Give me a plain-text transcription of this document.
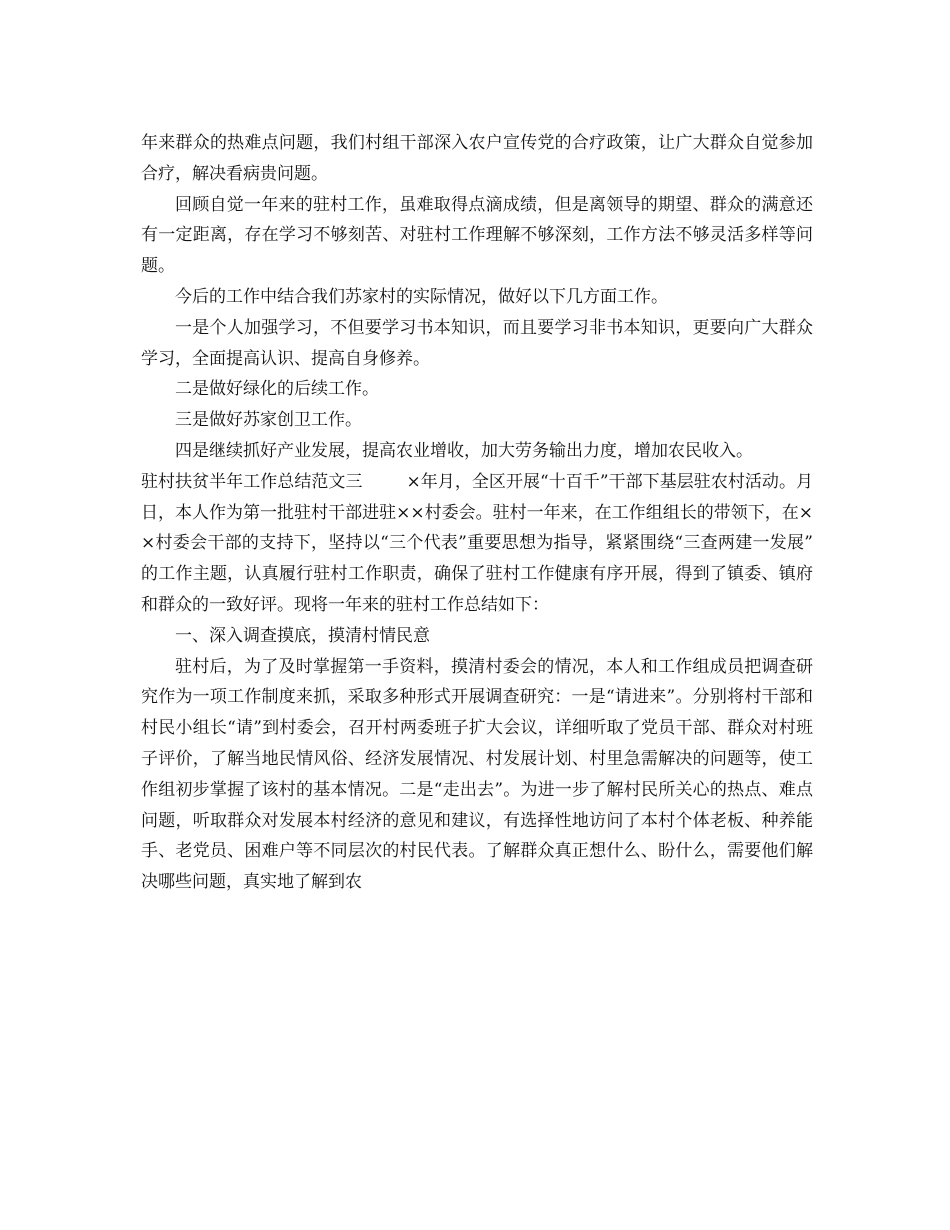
年来群众的热难点问题，我们村组干部深入农户宣传党的合疗政策，让广大群众自觉参加合疗，解决看病贵问题。

回顾自觉一年来的驻村工作，虽难取得点滴成绩，但是离领导的期望、群众的满意还有一定距离，存在学习不够刻苦、对驻村工作理解不够深刻，工作方法不够灵活多样等问题。

今后的工作中结合我们苏家村的实际情况，做好以下几方面工作。

一是个人加强学习，不但要学习书本知识，而且要学习非书本知识，更要向广大群众学习，全面提高认识、提高自身修养。

二是做好绿化的后续工作。

三是做好苏家创卫工作。

四是继续抓好产业发展，提高农业增收，加大劳务输出力度，增加农民收入。

驻村扶贫半年工作总结范文三	×年月，全区开展“十百千”干部下基层驻农村活动。月日，本人作为第一批驻村干部进驻××村委会。驻村一年来，在工作组组长的带领下，在××村委会干部的支持下，坚持以“三个代表”重要思想为指导，紧紧围绕“三查两建一发展”的工作主题，认真履行驻村工作职责，确保了驻村工作健康有序开展，得到了镇委、镇府和群众的一致好评。现将一年来的驻村工作总结如下：

一、深入调查摸底，摸清村情民意

驻村后，为了及时掌握第一手资料，摸清村委会的情况，本人和工作组成员把调查研究作为一项工作制度来抓，采取多种形式开展调查研究：一是“请进来”。分别将村干部和村民小组长“请”到村委会，召开村两委班子扩大会议，详细听取了党员干部、群众对村班子评价，了解当地民情风俗、经济发展情况、村发展计划、村里急需解决的问题等，使工作组初步掌握了该村的基本情况。二是“走出去”。为进一步了解村民所关心的热点、难点问题，听取群众对发展本村经济的意见和建议，有选择性地访问了本村个体老板、种养能手、老党员、困难户等不同层次的村民代表。了解群众真正想什么、盼什么，需要他们解决哪些问题，真实地了解到农
